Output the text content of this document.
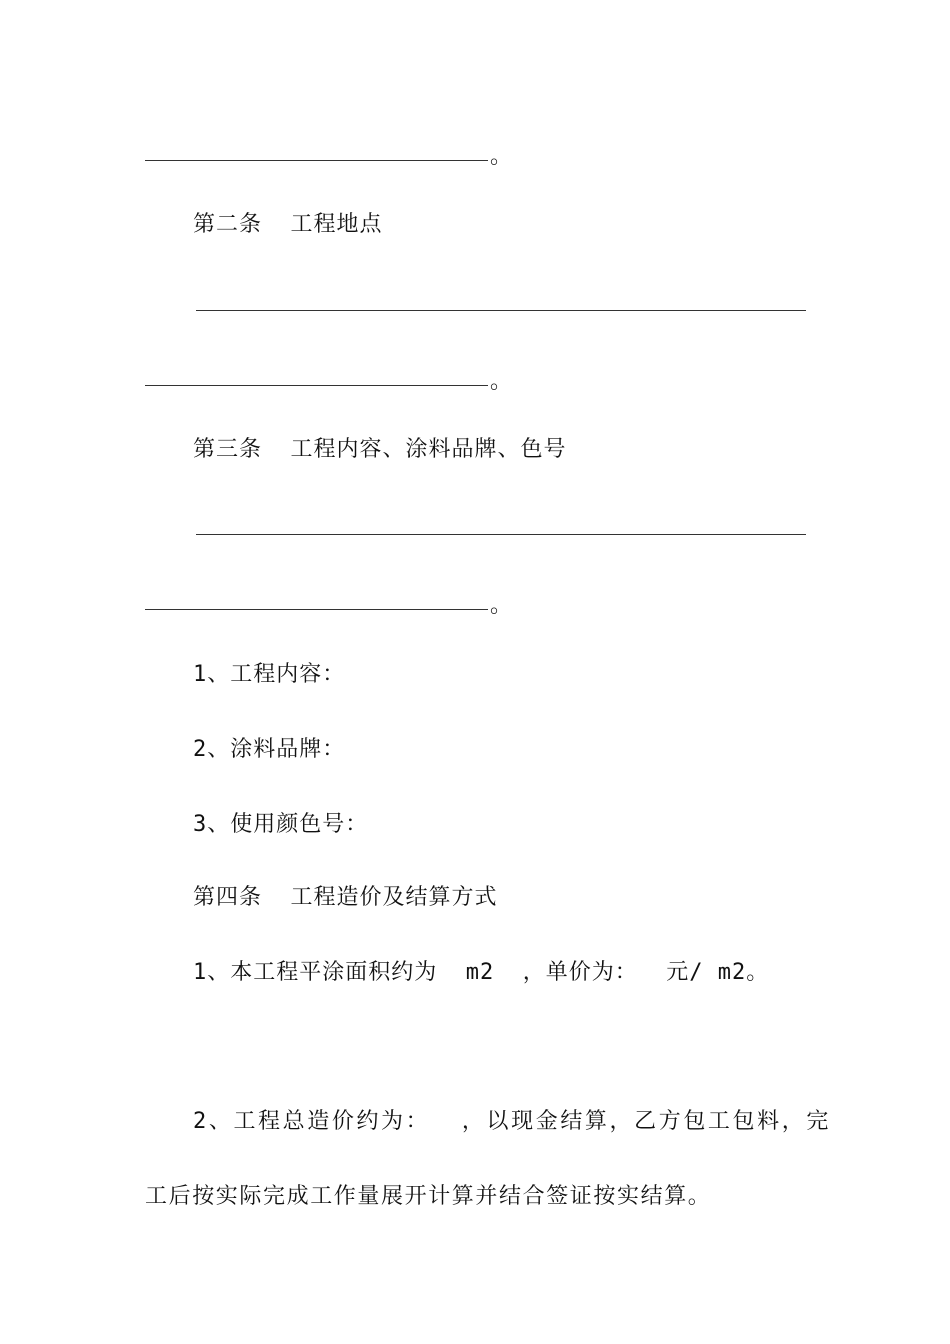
。
第二条  工程地点
。
第三条  工程内容、涂料品牌、色号
。
1、工程内容：
2、涂料品牌：
3、使用颜色号：
第四条  工程造价及结算方式
1、本工程平涂面积约为  m2  ，单价为：  元/ m2。
2、工程总造价约为：  ，以现金结算，乙方包工包料，完
工后按实际完成工作量展开计算并结合签证按实结算。
